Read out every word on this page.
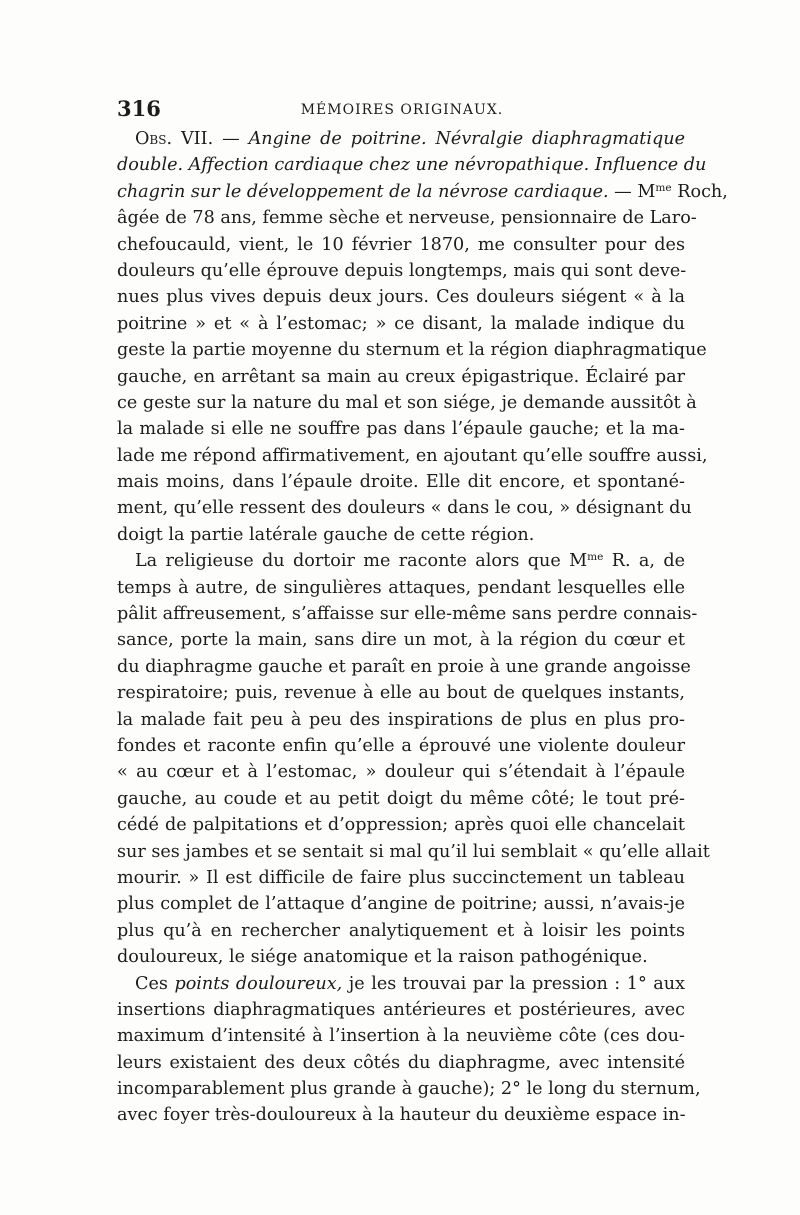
316	MÉMOIRES ORIGINAUX.
Obs. VII. — Angine de poitrine. Névralgie diaphragmatique
double. Affection cardiaque chez une névropathique. Influence du
chagrin sur le développement de la névrose cardiaque. — $M^{me}$ Roch,
âgée de 78 ans, femme sèche et nerveuse, pensionnaire de Laro-
chefoucauld, vient, le 10 février 1870, me consulter pour des
douleurs qu’elle éprouve depuis longtemps, mais qui sont deve-
nues plus vives depuis deux jours. Ces douleurs siégent « à la
poitrine » et « à l’estomac; » ce disant, la malade indique du
geste la partie moyenne du sternum et la région diaphragmatique
gauche, en arrêtant sa main au creux épigastrique. Éclairé par
ce geste sur la nature du mal et son siége, je demande aussitôt à
la malade si elle ne souffre pas dans l’épaule gauche; et la ma-
lade me répond affirmativement, en ajoutant qu’elle souffre aussi,
mais moins, dans l’épaule droite. Elle dit encore, et spontané-
ment, qu’elle ressent des douleurs « dans le cou, » désignant du
doigt la partie latérale gauche de cette région.
La religieuse du dortoir me raconte alors que $M^{me}$ R. a, de
temps à autre, de singulières attaques, pendant lesquelles elle
pâlit affreusement, s’affaisse sur elle-même sans perdre connais-
sance, porte la main, sans dire un mot, à la région du cœur et
du diaphragme gauche et paraît en proie à une grande angoisse
respiratoire; puis, revenue à elle au bout de quelques instants,
la malade fait peu à peu des inspirations de plus en plus pro-
fondes et raconte enfin qu’elle a éprouvé une violente douleur
« au cœur et à l’estomac, » douleur qui s’étendait à l’épaule
gauche, au coude et au petit doigt du même côté; le tout pré-
cédé de palpitations et d’oppression; après quoi elle chancelait
sur ses jambes et se sentait si mal qu’il lui semblait « qu’elle allait
mourir. » Il est difficile de faire plus succinctement un tableau
plus complet de l’attaque d’angine de poitrine; aussi, n’avais-je
plus qu’à en rechercher analytiquement et à loisir les points
douloureux, le siége anatomique et la raison pathogénique.
Ces points douloureux, je les trouvai par la pression : 1° aux
insertions diaphragmatiques antérieures et postérieures, avec
maximum d’intensité à l’insertion à la neuvième côte (ces dou-
leurs existaient des deux côtés du diaphragme, avec intensité
incomparablement plus grande à gauche); 2° le long du sternum,
avec foyer très-douloureux à la hauteur du deuxième espace in-
